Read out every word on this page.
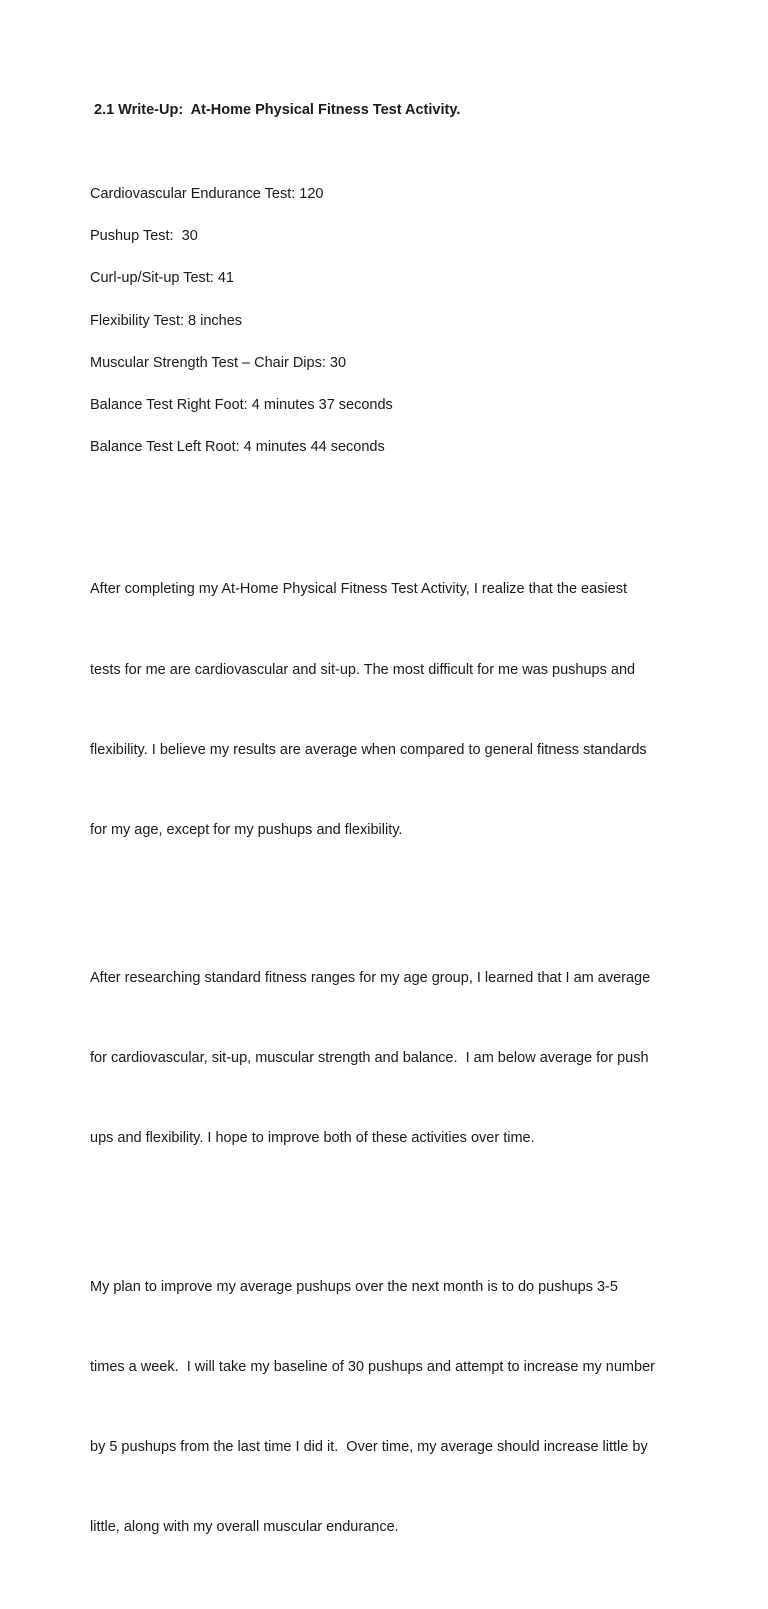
2.1 Write-Up:  At-Home Physical Fitness Test Activity.
Cardiovascular Endurance Test: 120
Pushup Test:  30
Curl-up/Sit-up Test: 41
Flexibility Test: 8 inches
Muscular Strength Test – Chair Dips: 30
Balance Test Right Foot: 4 minutes 37 seconds
Balance Test Left Root: 4 minutes 44 seconds

After completing my At-Home Physical Fitness Test Activity, I realize that the easiest

tests for me are cardiovascular and sit-up. The most difficult for me was pushups and

flexibility. I believe my results are average when compared to general fitness standards

for my age, except for my pushups and flexibility.

After researching standard fitness ranges for my age group, I learned that I am average

for cardiovascular, sit-up, muscular strength and balance.  I am below average for push

ups and flexibility. I hope to improve both of these activities over time.

My plan to improve my average pushups over the next month is to do pushups 3-5

times a week.  I will take my baseline of 30 pushups and attempt to increase my number

by 5 pushups from the last time I did it.  Over time, my average should increase little by

little, along with my overall muscular endurance.
